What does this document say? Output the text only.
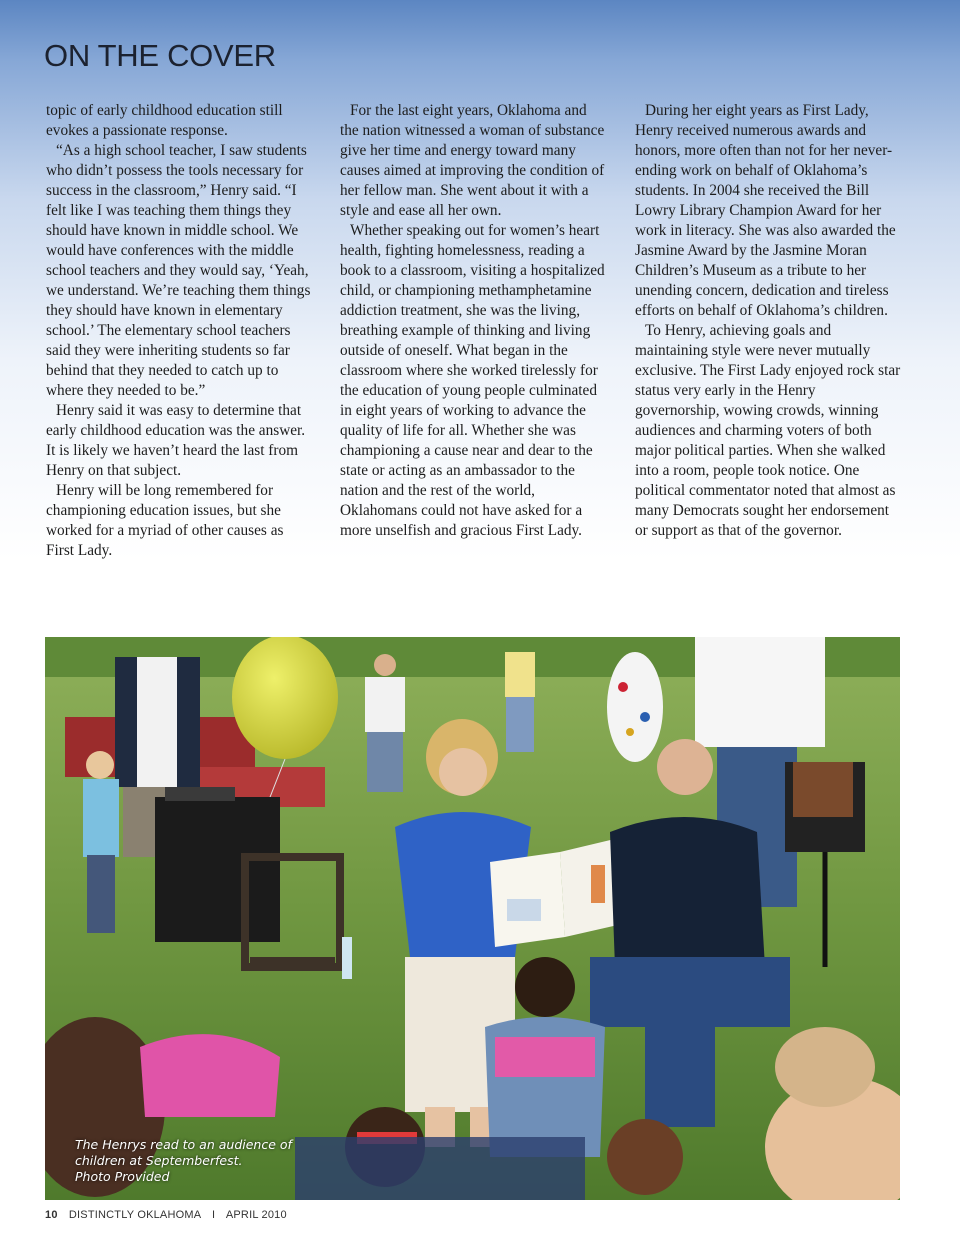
ON THE COVER

topic of early childhood education still evokes a passionate response.

“As a high school teacher, I saw students who didn’t possess the tools necessary for success in the classroom,” Henry said. “I felt like I was teaching them things they should have known in middle school. We would have conferences with the middle school teachers and they would say, ‘Yeah, we understand. We’re teaching them things they should have known in elementary school.’ The elementary school teachers said they were inheriting students so far behind that they needed to catch up to where they needed to be.”

Henry said it was easy to determine that early childhood education was the answer. It is likely we haven’t heard the last from Henry on that subject.

Henry will be long remembered for championing education issues, but she worked for a myriad of other causes as First Lady.

For the last eight years, Oklahoma and the nation witnessed a woman of substance give her time and energy toward many causes aimed at improving the condition of her fellow man. She went about it with a style and ease all her own.

Whether speaking out for women’s heart health, fighting homelessness, reading a book to a classroom, visiting a hospitalized child, or championing methamphetamine addiction treatment, she was the living, breathing example of thinking and living outside of oneself. What began in the classroom where she worked tirelessly for the education of young people culminated in eight years of working to advance the quality of life for all. Whether she was championing a cause near and dear to the state or acting as an ambassador to the nation and the rest of the world, Oklahomans could not have asked for a more unselfish and gracious First Lady.

During her eight years as First Lady, Henry received numerous awards and honors, more often than not for her never-ending work on behalf of Oklahoma’s students. In 2004 she received the Bill Lowry Library Champion Award for her work in literacy. She was also awarded the Jasmine Award by the Jasmine Moran Children’s Museum as a tribute to her unending concern, dedication and tireless efforts on behalf of Oklahoma’s children.

To Henry, achieving goals and maintaining style were never mutually exclusive. The First Lady enjoyed rock star status very early in the Henry governorship, wowing crowds, winning audiences and charming voters of both major political parties. When she walked into a room, people took notice. One political commentator noted that almost as many Democrats sought her endorsement or support as that of the governor.

The Henrys read to an audience of
children at Septemberfest.
Photo Provided
10 DISTINCTLY OKLAHOMA I APRIL 2010
